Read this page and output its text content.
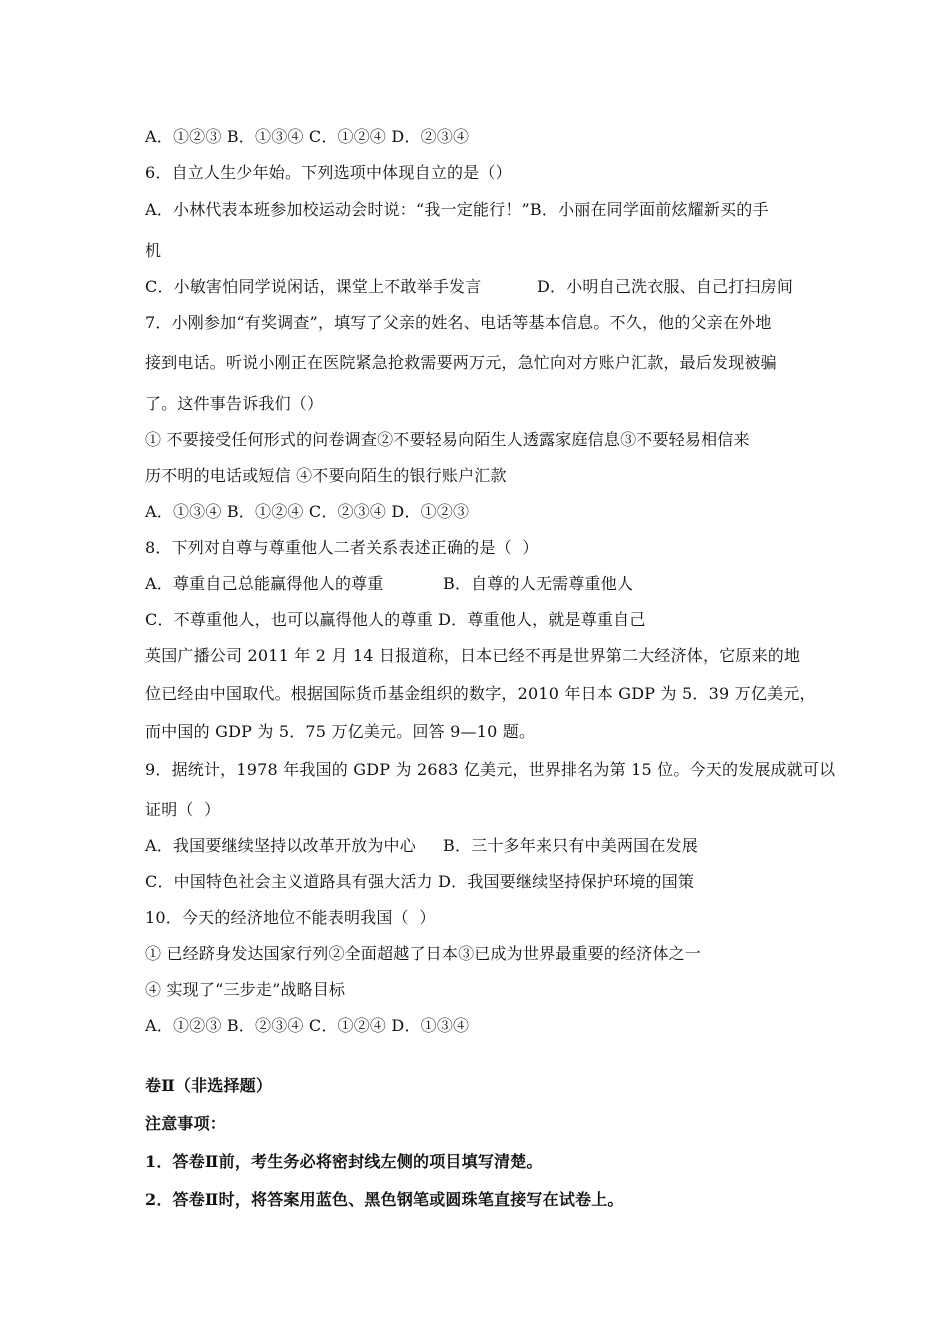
A．①②③ B．①③④ C．①②④ D．②③④
6．自立人生少年始。下列选项中体现自立的是（）
A．小林代表本班参加校运动会时说：“我一定能行！”B．小丽在同学面前炫耀新买的手
机
C．小敏害怕同学说闲话，课堂上不敢举手发言	D．小明自己洗衣服、自己打扫房间
7．小刚参加“有奖调查”，填写了父亲的姓名、电话等基本信息。不久，他的父亲在外地
接到电话。听说小刚正在医院紧急抢救需要两万元，急忙向对方账户汇款，最后发现被骗
了。这件事告诉我们（）
① 不要接受任何形式的问卷调查②不要轻易向陌生人透露家庭信息③不要轻易相信来
历不明的电话或短信 ④不要向陌生的银行账户汇款
A．①③④ B．①②④ C．②③④ D．①②③
8．下列对自尊与尊重他人二者关系表述正确的是（  ）
A．尊重自己总能赢得他人的尊重	B．自尊的人无需尊重他人
C．不尊重他人，也可以赢得他人的尊重 D．尊重他人，就是尊重自己
英国广播公司 2011 年 2 月 14 日报道称，日本已经不再是世界第二大经济体，它原来的地
位已经由中国取代。根据国际货币基金组织的数字，2010 年日本 GDP 为 5．39 万亿美元，
而中国的 GDP 为 5．75 万亿美元。回答 9—10 题。
9．据统计，1978 年我国的 GDP 为 2683 亿美元，世界排名为第 15 位。今天的发展成就可以
证明（  ）
A．我国要继续坚持以改革开放为中心 B．三十多年来只有中美两国在发展
C．中国特色社会主义道路具有强大活力 D．我国要继续坚持保护环境的国策
10．今天的经济地位不能表明我国（  ）
① 已经跻身发达国家行列②全面超越了日本③已成为世界最重要的经济体之一
④ 实现了“三步走”战略目标
A．①②③ B．②③④ C．①②④ D．①③④
卷Ⅱ（非选择题）
注意事项：
1．答卷Ⅱ前，考生务必将密封线左侧的项目填写清楚。
2．答卷Ⅱ时，将答案用蓝色、黑色钢笔或圆珠笔直接写在试卷上。
